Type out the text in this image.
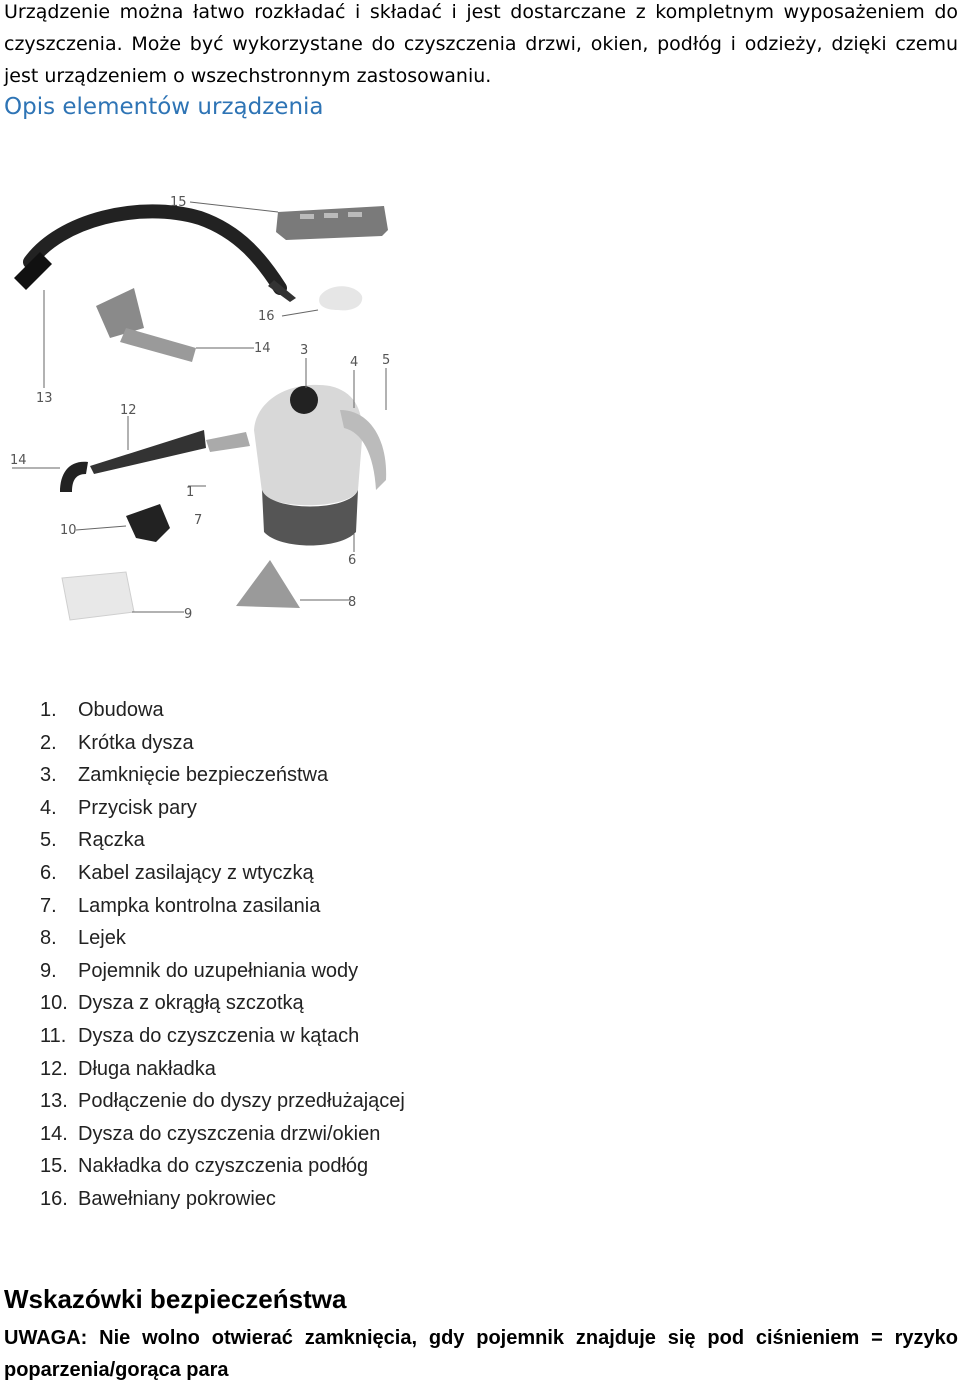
Urządzenie można łatwo rozkładać i składać i jest dostarczane z kompletnym wyposażeniem do czyszczenia. Może być wykorzystane do czyszczenia drzwi, okien, podłóg i odzieży, dzięki czemu jest urządzeniem o wszechstronnym zastosowaniu.

Opis elementów urządzenia
15
16
14 3
4 5
13
12
14
1
7
10
6
9
8
1. Obudowa
2. Krótka dysza
3. Zamknięcie bezpieczeństwa
4. Przycisk pary
5. Rączka
6. Kabel zasilający z wtyczką
7. Lampka kontrolna zasilania
8. Lejek
9. Pojemnik do uzupełniania wody
10. Dysza z okrągłą szczotką
11. Dysza do czyszczenia w kątach
12. Długa nakładka
13. Podłączenie do dyszy przedłużającej
14. Dysza do czyszczenia drzwi/okien
15. Nakładka do czyszczenia podłóg
16. Bawełniany pokrowiec
Wskazówki bezpieczeństwa

UWAGA: Nie wolno otwierać zamknięcia, gdy pojemnik znajduje się pod ciśnieniem = ryzyko poparzenia/gorąca para
